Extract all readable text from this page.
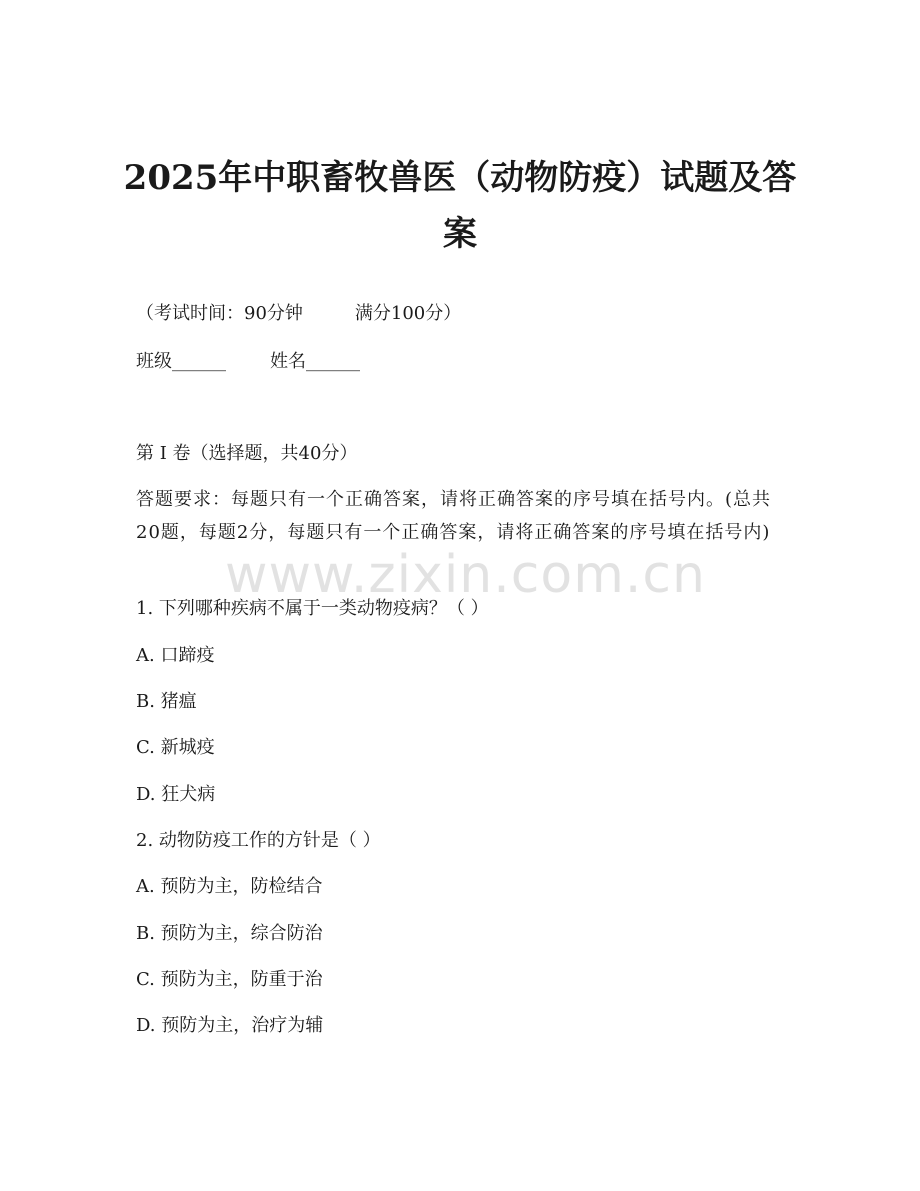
2025年中职畜牧兽医（动物防疫）试题及答案
（考试时间：90分钟	满分100分）
班级______ 姓名______
第 I 卷（选择题，共40分）
答题要求：每题只有一个正确答案，请将正确答案的序号填在括号内。(总共20题，每题2分，每题只有一个正确答案，请将正确答案的序号填在括号内)
1. 下列哪种疾病不属于一类动物疫病？（ ）
A. 口蹄疫
B. 猪瘟
C. 新城疫
D. 狂犬病
2. 动物防疫工作的方针是（ ）
A. 预防为主，防检结合
B. 预防为主，综合防治
C. 预防为主，防重于治
D. 预防为主，治疗为辅
www.zixin.com.cn
